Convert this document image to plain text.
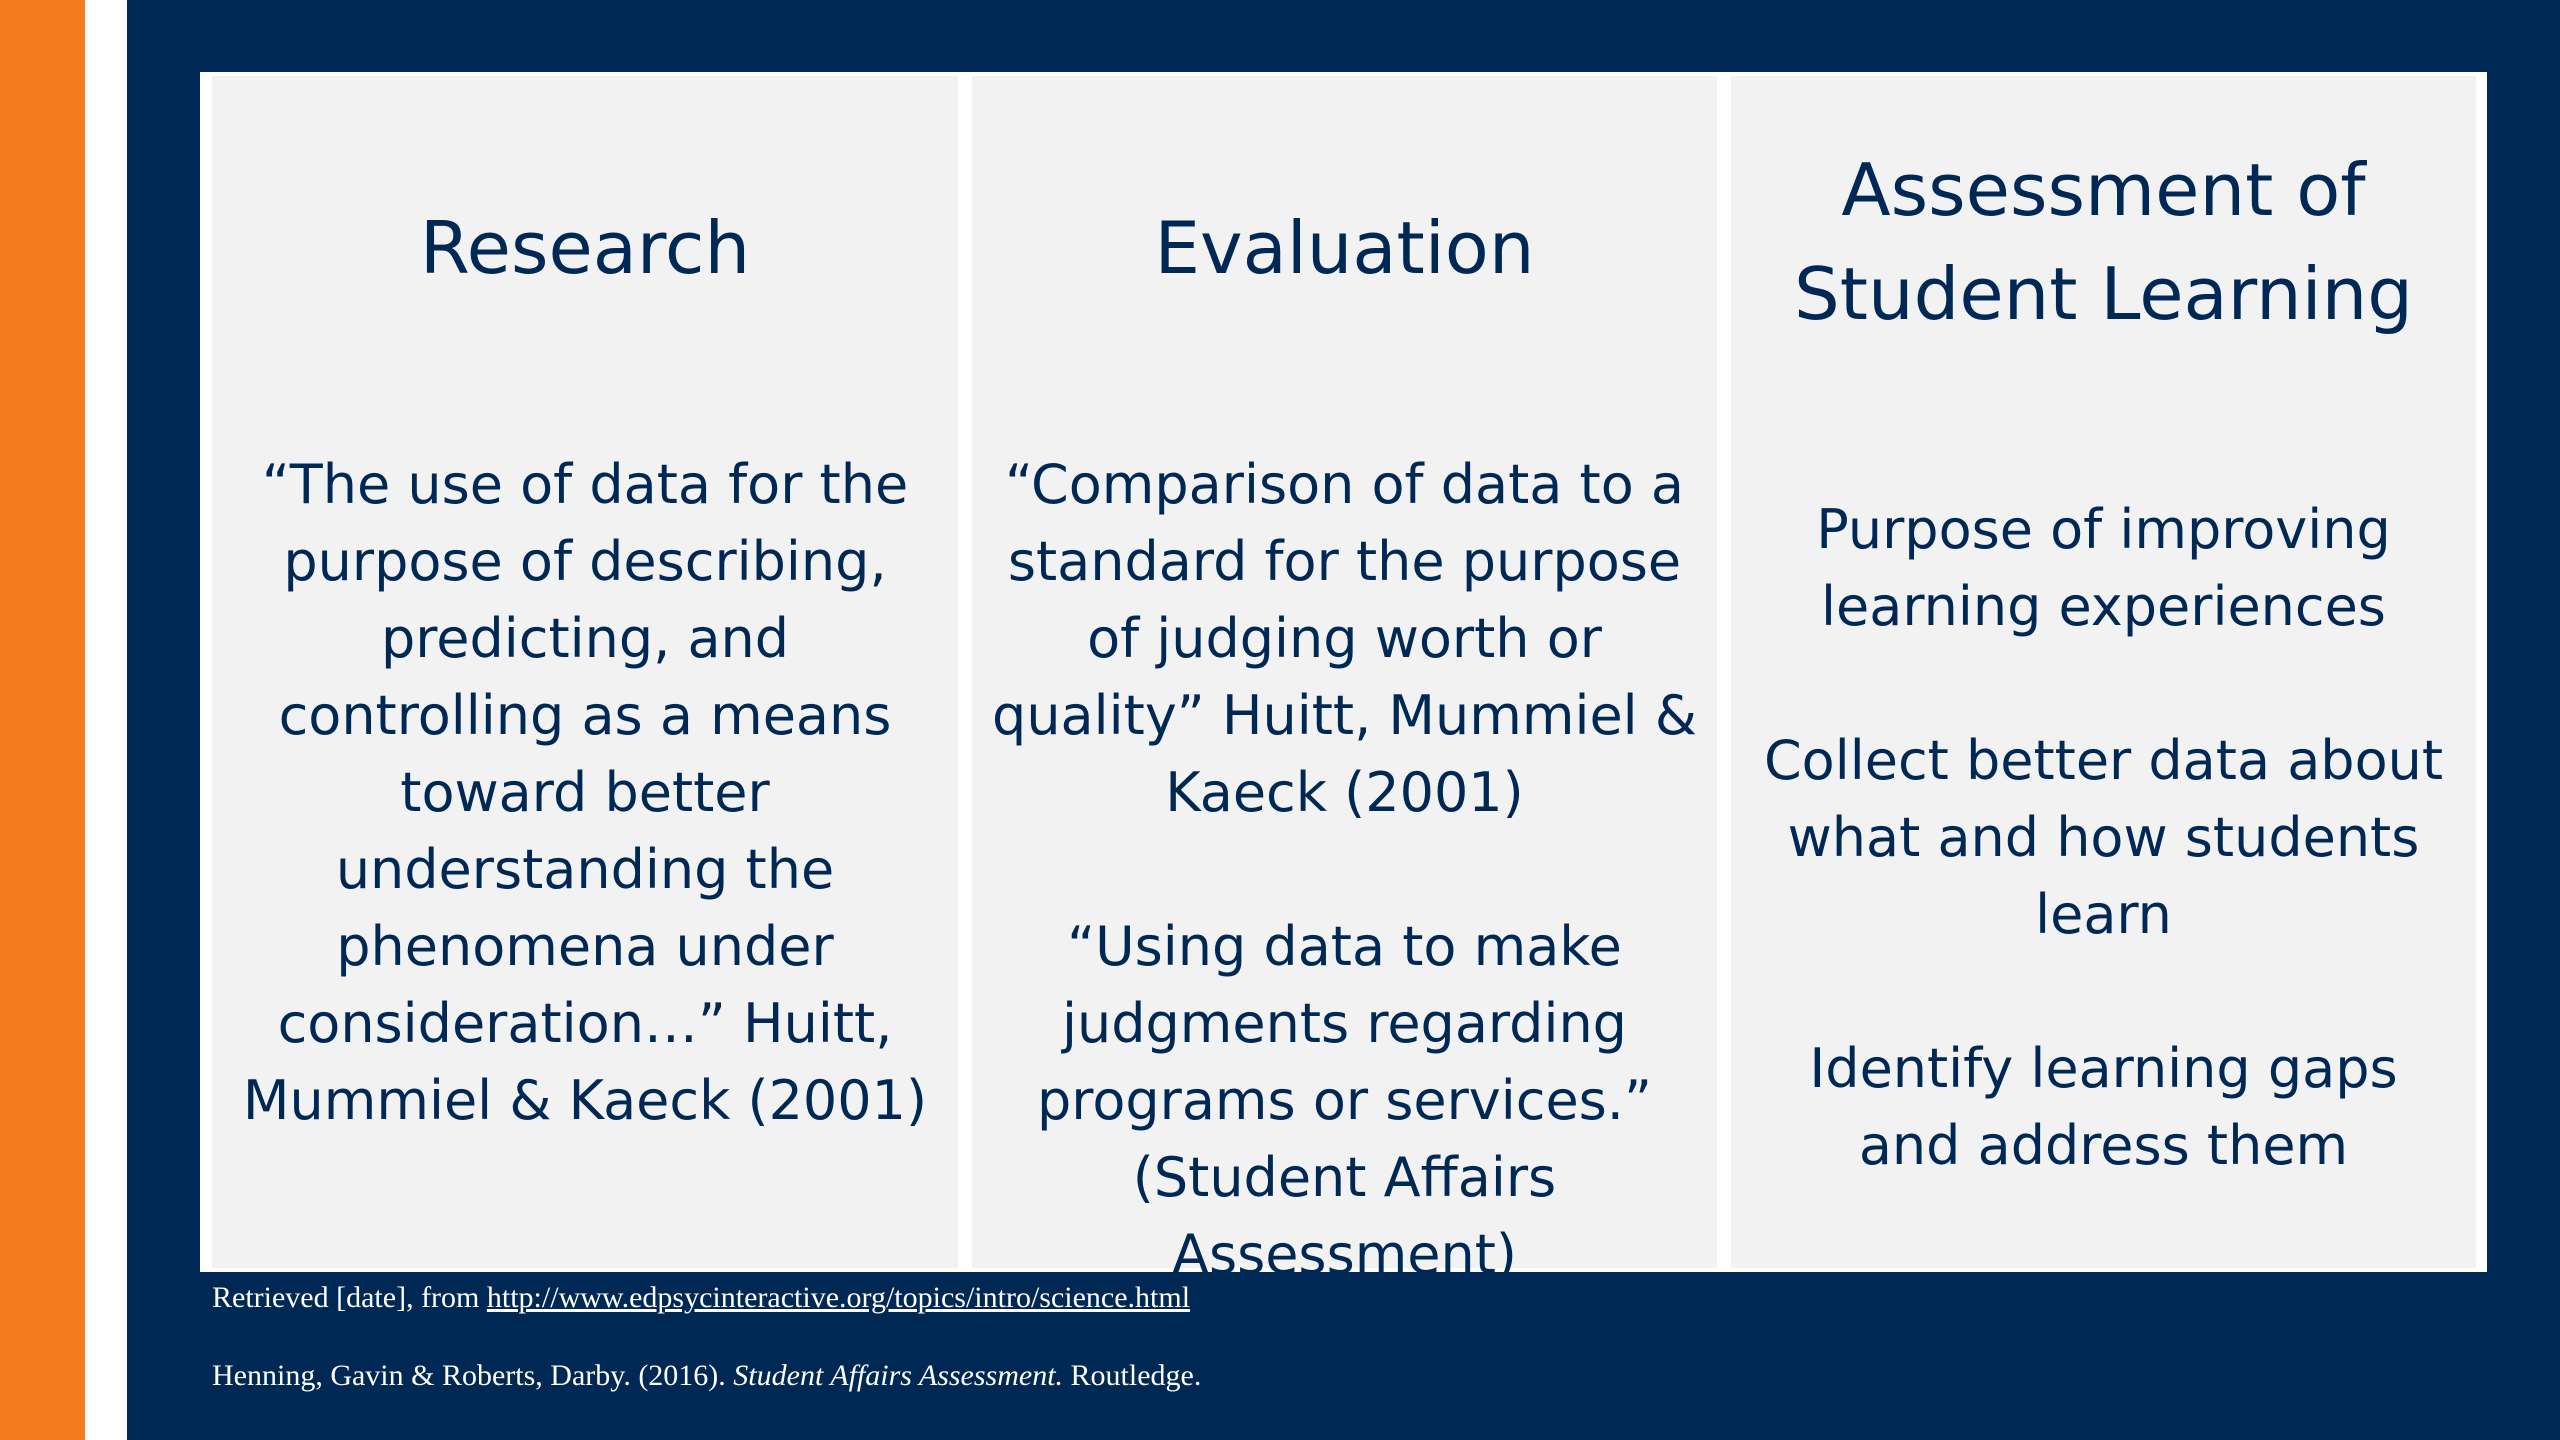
Research

“The use of data for the purpose of describing, predicting, and controlling as a means toward better understanding the phenomena under consideration…” Huitt, Mummiel & Kaeck (2001)

Evaluation

“Comparison of data to a standard for the purpose of judging worth or quality” Huitt, Mummiel & Kaeck (2001)

“Using data to make judgments regarding programs or services.” (Student Affairs Assessment)

Assessment of Student Learning

Purpose of improving learning experiences

Collect better data about what and how students learn

Identify learning gaps and address them

Leads to action

Retrieved [date], from http://www.edpsycinteractive.org/topics/intro/science.html
Henning, Gavin & Roberts, Darby. (2016). Student Affairs Assessment. Routledge.
